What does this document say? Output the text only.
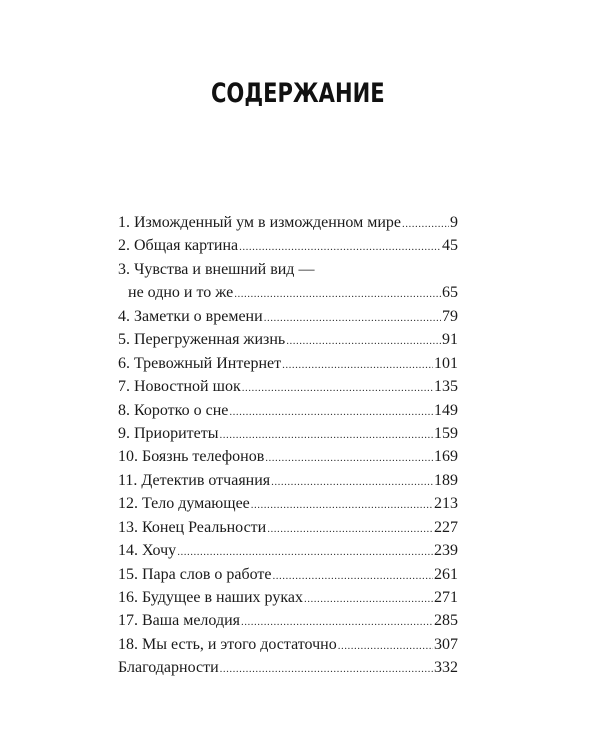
СОДЕРЖАНИЕ
1. Изможденный ум в изможденном мире .....	9
2. Общая картина .....	45
3. Чувства и внешний вид —
не одно и то же .....	65
4. Заметки о времени .....	79
5. Перегруженная жизнь .....	91
6. Тревожный Интернет .....	101
7. Новостной шок .....	135
8. Коротко о сне .....	149
9. Приоритеты .....	159
10. Боязнь телефонов .....	169
11. Детектив отчаяния .....	189
12. Тело думающее .....	213
13. Конец Реальности .....	227
14. Хочу .....	239
15. Пара слов о работе .....	261
16. Будущее в наших руках .....	271
17. Ваша мелодия .....	285
18. Мы есть, и этого достаточно .....	307
Благодарности .....	332
